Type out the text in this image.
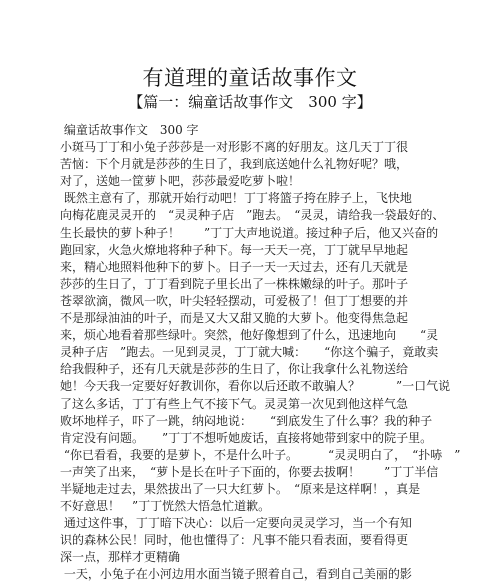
有道理的童话故事作文
【篇一：编童话故事作文　300 字】
编童话故事作文　300 字
小斑马丁丁和小兔子莎莎是一对形影不离的好朋友。这几天丁丁很
苦恼：下个月就是莎莎的生日了，我到底送她什么礼物好呢？哦，
对了，送她一筐萝卜吧，莎莎最爱吃萝卜啦！
既然主意有了，那就开始行动吧！丁丁将篮子挎在脖子上，飞快地
向梅花鹿灵灵开的　“灵灵种子店　”跑去。　“灵灵，请给我一袋最好的、
生长最快的萝卜种子！　　”丁丁大声地说道。接过种子后，他又兴奋的
跑回家，火急火燎地将种子种下。每一天天一亮，丁丁就早早地起
来，精心地照料他种下的萝卜。日子一天一天过去，还有几天就是
莎莎的生日了，丁丁看到院子里长出了一株株嫩绿的叶子。那叶子
苍翠欲滴，微风一吹，叶尖轻轻摆动，可爱极了！但丁丁想要的并
不是那绿油油的叶子，而是又大又甜又脆的大萝卜。他变得焦急起
来，烦心地看着那些绿叶。突然，他好像想到了什么，迅速地向　　“灵
灵种子店　”跑去。一见到灵灵，丁丁就大喊：　　“你这个骗子，竟敢卖
给我假种子，还有几天就是莎莎的生日了，你让我拿什么礼物送给
她！今天我一定要好好教训你，看你以后还敢不敢骗人？　　　”一口气说
了这么多话，丁丁有些上气不接下气。灵灵第一次见到他这样气急
败坏地样子，吓了一跳，纳闷地说：　　“到底发生了什么事？我的种子
肯定没有问题。　　”丁丁不想听她废话，直接将她带到家中的院子里。
“你已看看，我要的是萝卜，不是什么叶子。　　　“灵灵明白了，　“扑哧　”
一声笑了出来，　“萝卜是长在叶子下面的，你要去拔啊！　　”丁丁半信
半疑地走过去，果然拔出了一只大红萝卜。　“原来是这样啊！，真是
不好意思！　”丁丁恍然大悟急忙道歉。
通过这件事，丁丁暗下决心：以后一定要向灵灵学习，当一个有知
识的森林公民！同时，他也懂得了：凡事不能只看表面，要看得更
深一点，那样才更精确
一天，小兔子在小河边用水面当镜子照着自己，看到自己美丽的影
